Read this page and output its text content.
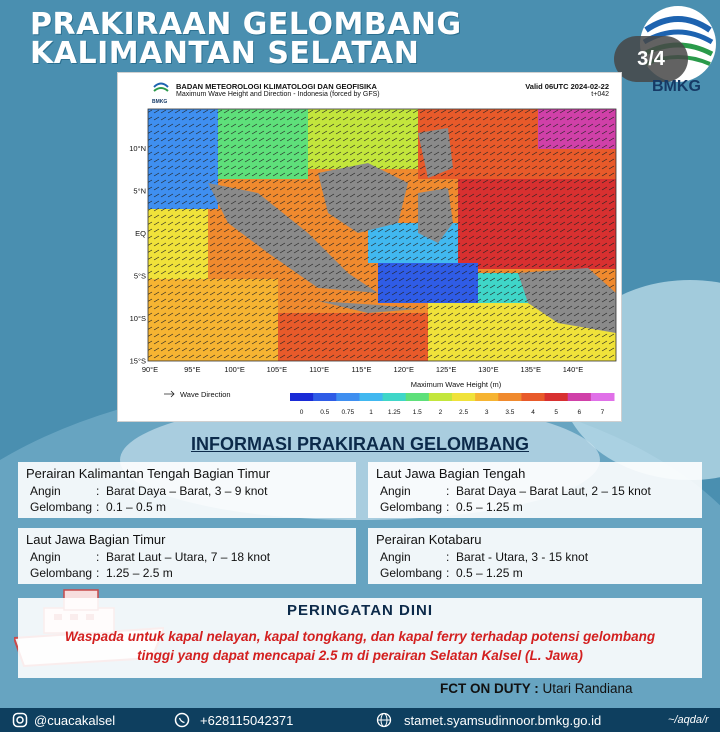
PRAKIRAAN GELOMBANG
KALIMANTAN SELATAN	3/4
BMKG
BMKG
BADAN METEOROLOGI KLIMATOLOGI DAN GEOFISIKA
Maximum Wave Height and Direction - Indonesia (forced by GFS)
Valid 06UTC 2024-02-22
t+042
10°N
5°N
EQ
5°S
10°S
15°S
90°E	95°E	100°E	105°E	110°E	115°E	120°E	125°E	130°E	135°E	140°E
Wave Direction
Maximum Wave Height (m)
0	0.5 0.75 1 1.25 1.5	2	2.5	3	3.5	4	5	6	7
INFORMASI PRAKIRAAN GELOMBANG
Perairan Kalimantan Tengah Bagian Timur
Angin	: Barat Daya – Barat, 3 – 9 knot
Gelombang : 0.1 – 0.5 m
Laut Jawa Bagian Tengah
Angin	: Barat Daya – Barat Laut, 2 – 15 knot
Gelombang : 0.5 – 1.25 m
Laut Jawa Bagian Timur
Angin	: Barat Laut – Utara, 7 – 18 knot
Gelombang : 1.25 – 2.5 m
Perairan Kotabaru
Angin	: Barat - Utara, 3 - 15 knot
Gelombang : 0.5 – 1.25 m
PERINGATAN DINI
Waspada untuk kapal nelayan, kapal tongkang, dan kapal ferry terhadap potensi gelombang
tinggi yang dapat mencapai 2.5 m di perairan Selatan Kalsel (L. Jawa)
FCT ON DUTY : Utari Randiana
@cuacakalsel	+628115042371	stamet.syamsudinnoor.bmkg.go.id	~/aqda/r
